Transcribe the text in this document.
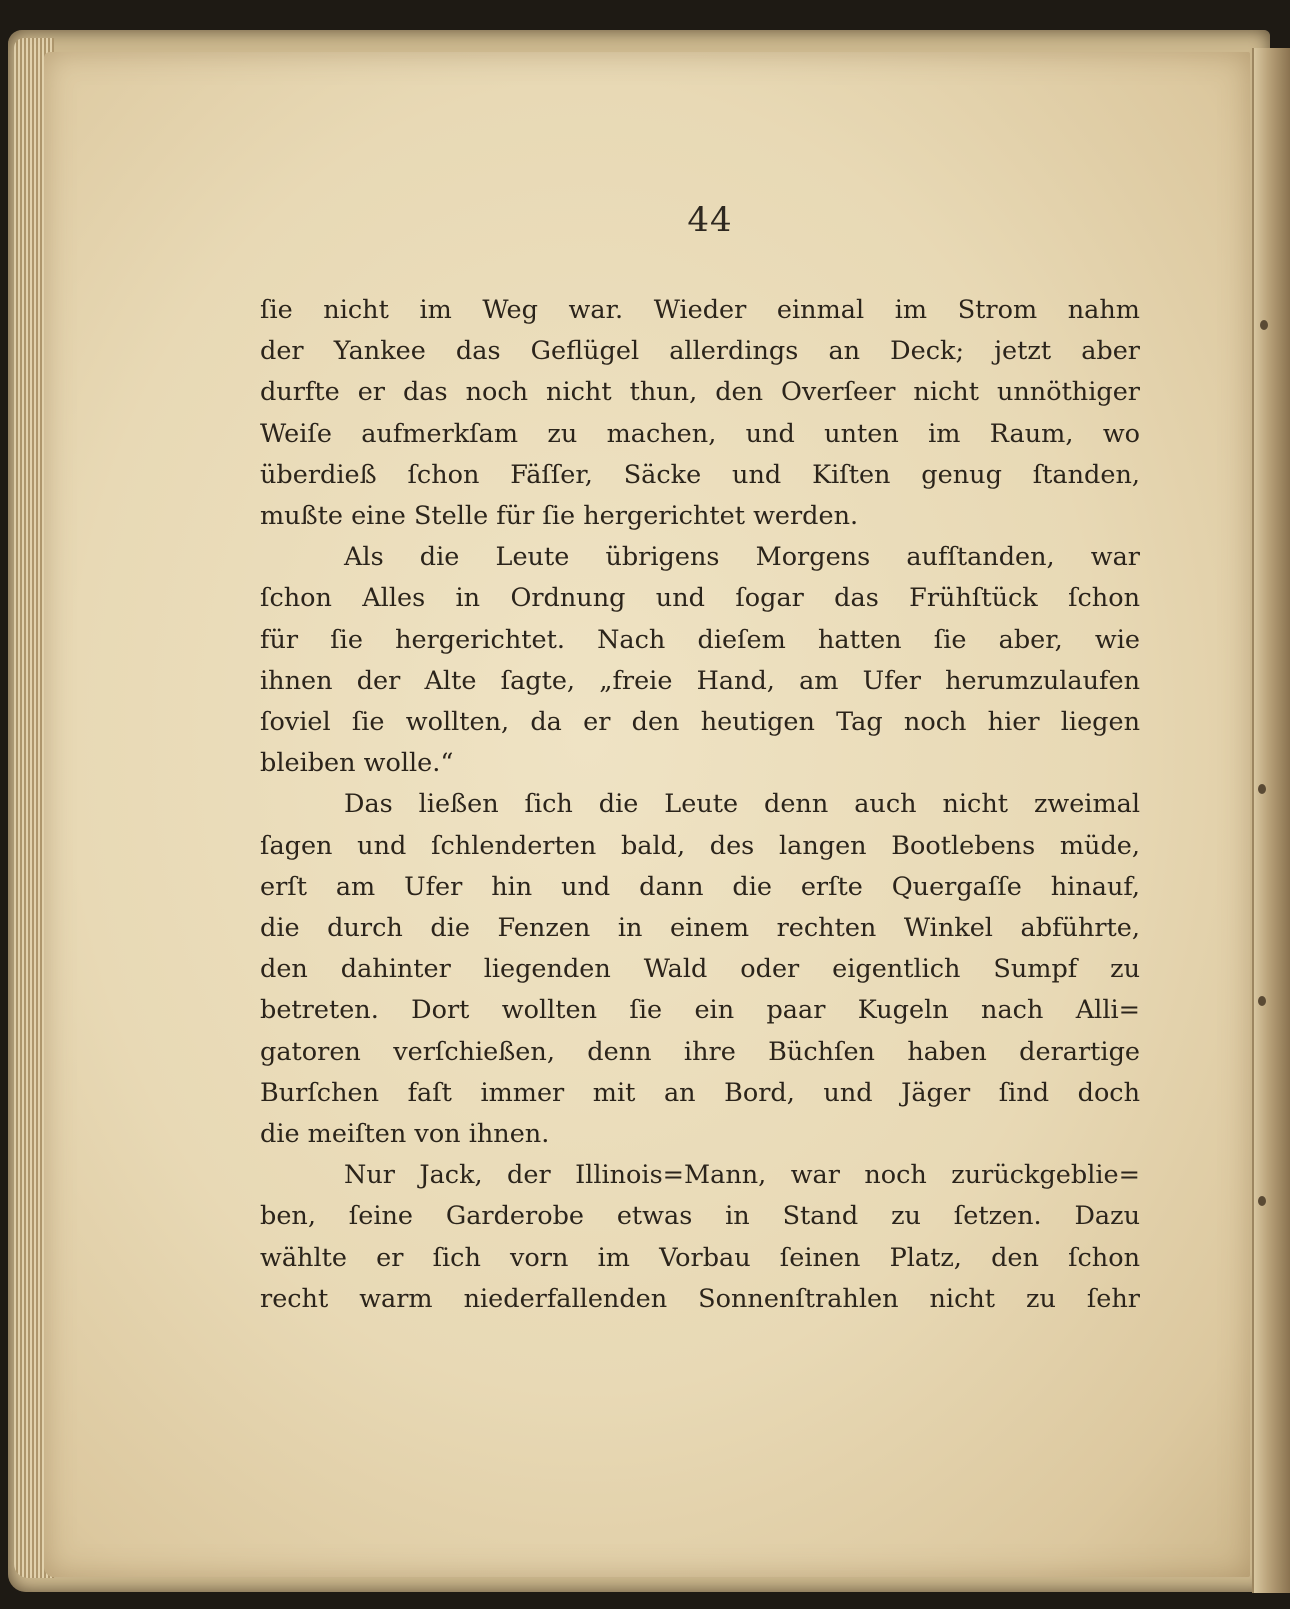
44
ſie nicht im Weg war. Wieder einmal im Strom nahm
der Yankee das Geflügel allerdings an Deck; jetzt aber
durfte er das noch nicht thun, den Overſeer nicht unnöthiger
Weiſe aufmerkſam zu machen, und unten im Raum, wo
überdieß ſchon Fäſſer, Säcke und Kiſten genug ſtanden,
mußte eine Stelle für ſie hergerichtet werden.
Als die Leute übrigens Morgens aufſtanden, war
ſchon Alles in Ordnung und ſogar das Frühſtück ſchon
für ſie hergerichtet. Nach dieſem hatten ſie aber, wie
ihnen der Alte ſagte, „freie Hand, am Ufer herumzulaufen
ſoviel ſie wollten, da er den heutigen Tag noch hier liegen
bleiben wolle.“
Das ließen ſich die Leute denn auch nicht zweimal
ſagen und ſchlenderten bald, des langen Bootlebens müde,
erſt am Ufer hin und dann die erſte Quergaſſe hinauf,
die durch die Fenzen in einem rechten Winkel abführte,
den dahinter liegenden Wald oder eigentlich Sumpf zu
betreten. Dort wollten ſie ein paar Kugeln nach Alli=
gatoren verſchießen, denn ihre Büchſen haben derartige
Burſchen faſt immer mit an Bord, und Jäger ſind doch
die meiſten von ihnen.
Nur Jack, der Illinois=Mann, war noch zurückgeblie=
ben, ſeine Garderobe etwas in Stand zu ſetzen. Dazu
wählte er ſich vorn im Vorbau ſeinen Platz, den ſchon
recht warm niederfallenden Sonnenſtrahlen nicht zu ſehr
